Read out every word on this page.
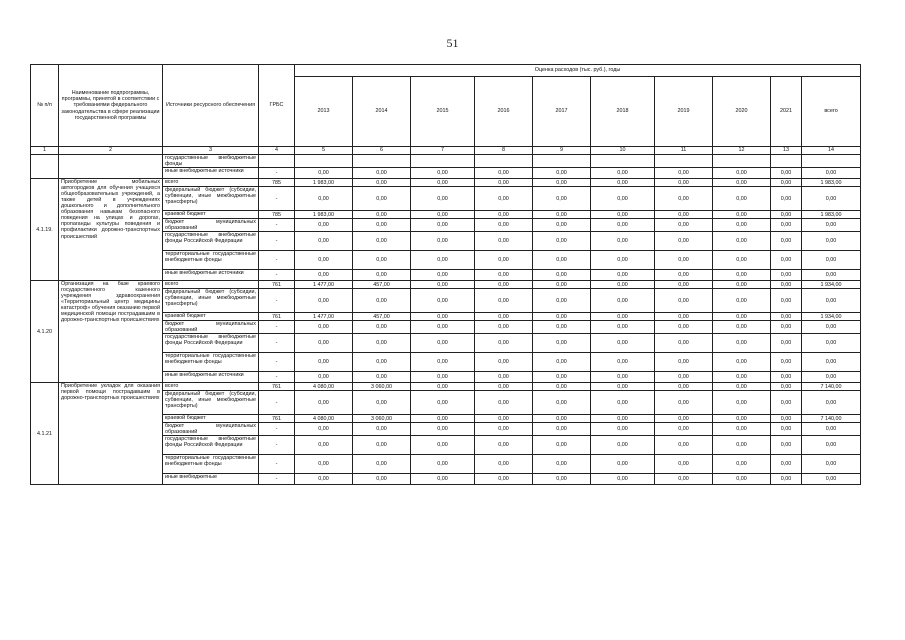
51
№ п/п	Наименование подпрограммы, программы, принятой в соответствии с требованиями федерального законодательства в сфере реализации государственной программы	Источники ресурсного обеспечения	ГРБС	Оценка расходов (тыс. руб.), годы									
				2013	2014	2015	2016	2017	2018	2019	2020	2021	всего
1	2	3	4	5	6	7	8	9	10	11	12	13	14
		государственные внебюджетные фонды											
		иные внебюджетные источники	-	0,00	0,00	0,00	0,00	0,00	0,00	0,00	0,00	0,00	0,00
4.1.19.	Приобретение мобильных автогородков для обучения учащихся общеобразовательных учреждений, а также детей в учреждениях дошкольного и дополнительного образования навыкам безопасного поведения на улицах и дорогах, пропаганды культуры поведения и профилактики дорожно-транспортных происшествий	всего	785	1 983,00	0,00	0,00	0,00	0,00	0,00	0,00	0,00	0,00	1 983,00
		федеральный бюджет (субсидии, субвенции, иные межбюджетные трансферты)	-	0,00	0,00	0,00	0,00	0,00	0,00	0,00	0,00	0,00	0,00
		краевой бюджет	785	1 983,00	0,00	0,00	0,00	0,00	0,00	0,00	0,00	0,00	1 983,00
		бюджет муниципальных образований	-	0,00	0,00	0,00	0,00	0,00	0,00	0,00	0,00	0,00	0,00
		государственные внебюджетные фонды Российской Федерации	-	0,00	0,00	0,00	0,00	0,00	0,00	0,00	0,00	0,00	0,00
		территориальные государственные внебюджетные фонды	-	0,00	0,00	0,00	0,00	0,00	0,00	0,00	0,00	0,00	0,00
		иные внебюджетные источники	-	0,00	0,00	0,00	0,00	0,00	0,00	0,00	0,00	0,00	0,00
4.1.20	Организация на базе краевого государственного казенного учреждения здравоохранения «Территориальный центр медицины катастроф» обучения оказанию первой медицинской помощи пострадавшим в дорожно-транспортных происшествиях	всего	761	1 477,00	457,00	0,00	0,00	0,00	0,00	0,00	0,00	0,00	1 934,00
		федеральный бюджет (субсидии, субвенции, иные межбюджетные трансферты)	-	0,00	0,00	0,00	0,00	0,00	0,00	0,00	0,00	0,00	0,00
		краевой бюджет	761	1 477,00	457,00	0,00	0,00	0,00	0,00	0,00	0,00	0,00	1 934,00
		бюджет муниципальных образований	-	0,00	0,00	0,00	0,00	0,00	0,00	0,00	0,00	0,00	0,00
		государственные внебюджетные фонды Российской Федерации	-	0,00	0,00	0,00	0,00	0,00	0,00	0,00	0,00	0,00	0,00
		территориальные государственные внебюджетные фонды	-	0,00	0,00	0,00	0,00	0,00	0,00	0,00	0,00	0,00	0,00
		иные внебюджетные источники	-	0,00	0,00	0,00	0,00	0,00	0,00	0,00	0,00	0,00	0,00
4.1.21	Приобретение укладок для оказания первой помощи пострадавшим в дорожно-транспортных происшествиях	всего	761	4 080,00	3 060,00	0,00	0,00	0,00	0,00	0,00	0,00	0,00	7 140,00
		федеральный бюджет (субсидии, субвенции, иные межбюджетные трансферты)	-	0,00	0,00	0,00	0,00	0,00	0,00	0,00	0,00	0,00	0,00
		краевой бюджет	761	4 080,00	3 060,00	0,00	0,00	0,00	0,00	0,00	0,00	0,00	7 140,00
		бюджет муниципальных образований	-	0,00	0,00	0,00	0,00	0,00	0,00	0,00	0,00	0,00	0,00
		государственные внебюджетные фонды Российской Федерации	-	0,00	0,00	0,00	0,00	0,00	0,00	0,00	0,00	0,00	0,00
		территориальные государственные внебюджетные фонды	-	0,00	0,00	0,00	0,00	0,00	0,00	0,00	0,00	0,00	0,00
		иные внебюджетные	-	0,00	0,00	0,00	0,00	0,00	0,00	0,00	0,00	0,00	0,00
